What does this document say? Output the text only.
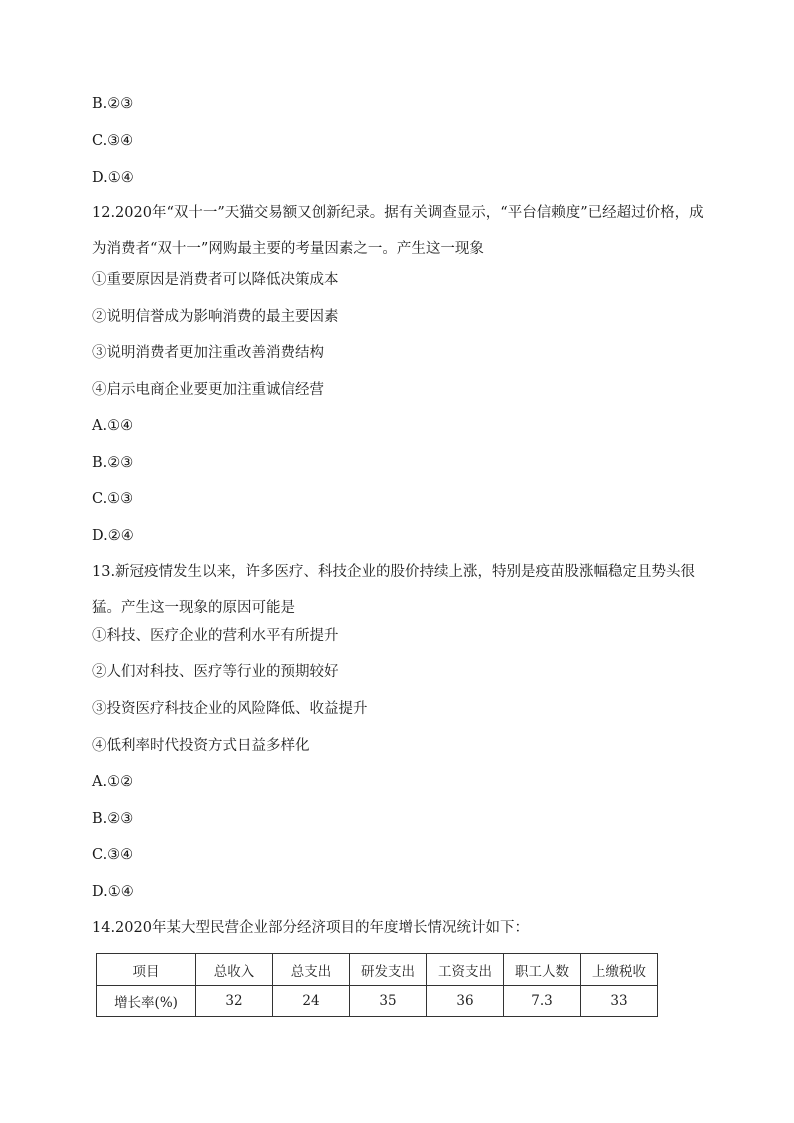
B.②③
C.③④
D.①④
12.2020年“双十一”天猫交易额又创新纪录。据有关调查显示，“平台信赖度”已经超过价格，成为消费者“双十一”网购最主要的考量因素之一。产生这一现象
①重要原因是消费者可以降低决策成本
②说明信誉成为影响消费的最主要因素
③说明消费者更加注重改善消费结构
④启示电商企业要更加注重诚信经营
A.①④
B.②③
C.①③
D.②④
13.新冠疫情发生以来，许多医疗、科技企业的股价持续上涨，特别是疫苗股涨幅稳定且势头很猛。产生这一现象的原因可能是
①科技、医疗企业的营利水平有所提升
②人们对科技、医疗等行业的预期较好
③投资医疗科技企业的风险降低、收益提升
④低利率时代投资方式日益多样化
A.①②
B.②③
C.③④
D.①④
14.2020年某大型民营企业部分经济项目的年度增长情况统计如下：
项目	总收入	总支出	研发支出	工资支出	职工人数	上缴税收
增长率(%)	32	24	35	36	7.3	33
